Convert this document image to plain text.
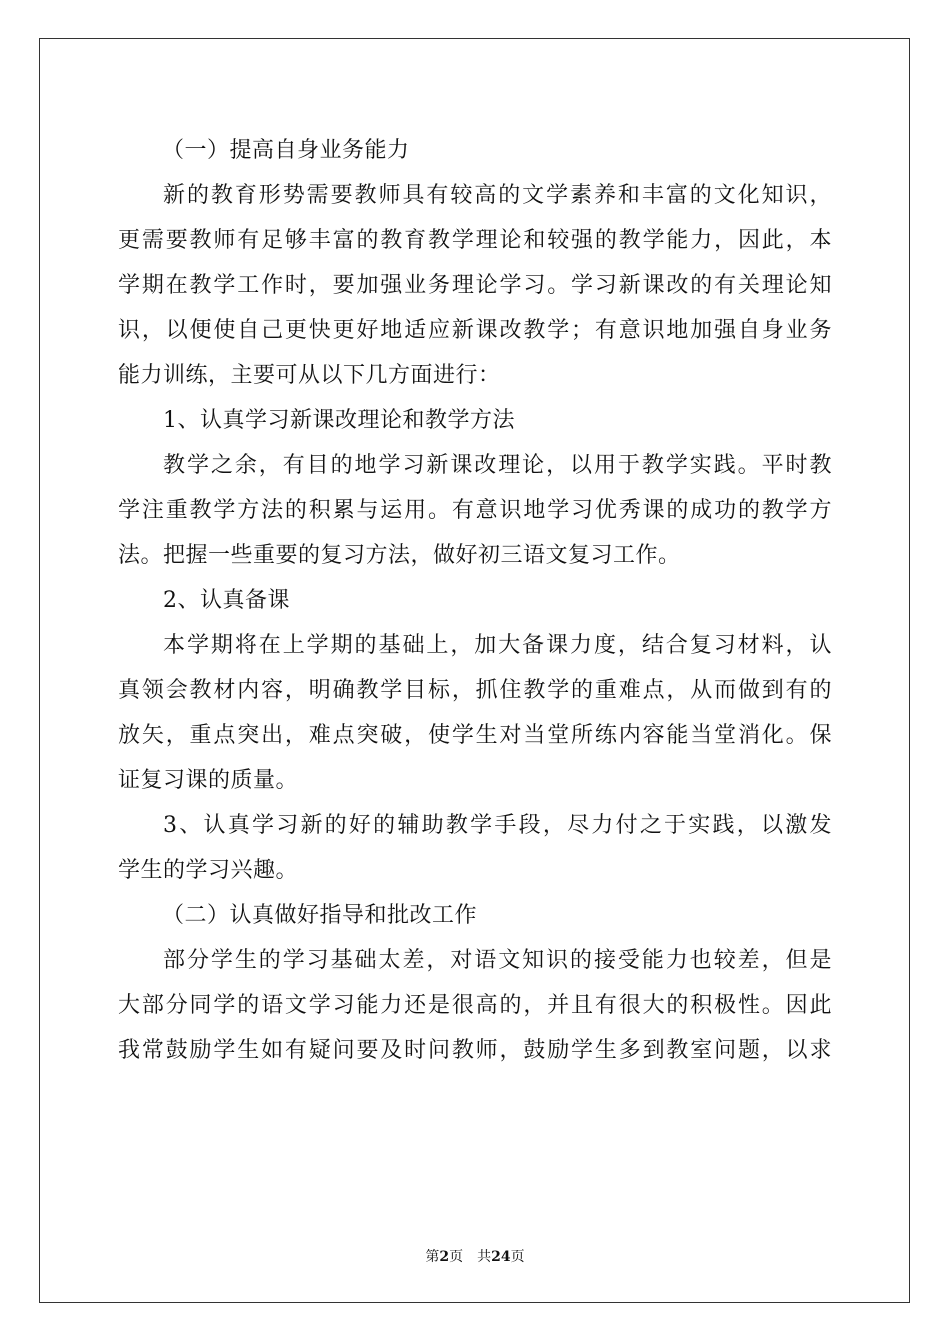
（一）提高自身业务能力
新的教育形势需要教师具有较高的文学素养和丰富的文化知识，
更需要教师有足够丰富的教育教学理论和较强的教学能力，因此，本
学期在教学工作时，要加强业务理论学习。学习新课改的有关理论知
识，以便使自己更快更好地适应新课改教学；有意识地加强自身业务
能力训练，主要可从以下几方面进行：
1、认真学习新课改理论和教学方法
教学之余，有目的地学习新课改理论，以用于教学实践。平时教
学注重教学方法的积累与运用。有意识地学习优秀课的成功的教学方
法。把握一些重要的复习方法，做好初三语文复习工作。
2、认真备课
本学期将在上学期的基础上，加大备课力度，结合复习材料，认
真领会教材内容，明确教学目标，抓住教学的重难点，从而做到有的
放矢，重点突出，难点突破，使学生对当堂所练内容能当堂消化。保
证复习课的质量。
3、认真学习新的好的辅助教学手段，尽力付之于实践，以激发
学生的学习兴趣。
（二）认真做好指导和批改工作
部分学生的学习基础太差，对语文知识的接受能力也较差，但是
大部分同学的语文学习能力还是很高的，并且有很大的积极性。因此
我常鼓励学生如有疑问要及时问教师，鼓励学生多到教室问题，以求
第2页　共24页
